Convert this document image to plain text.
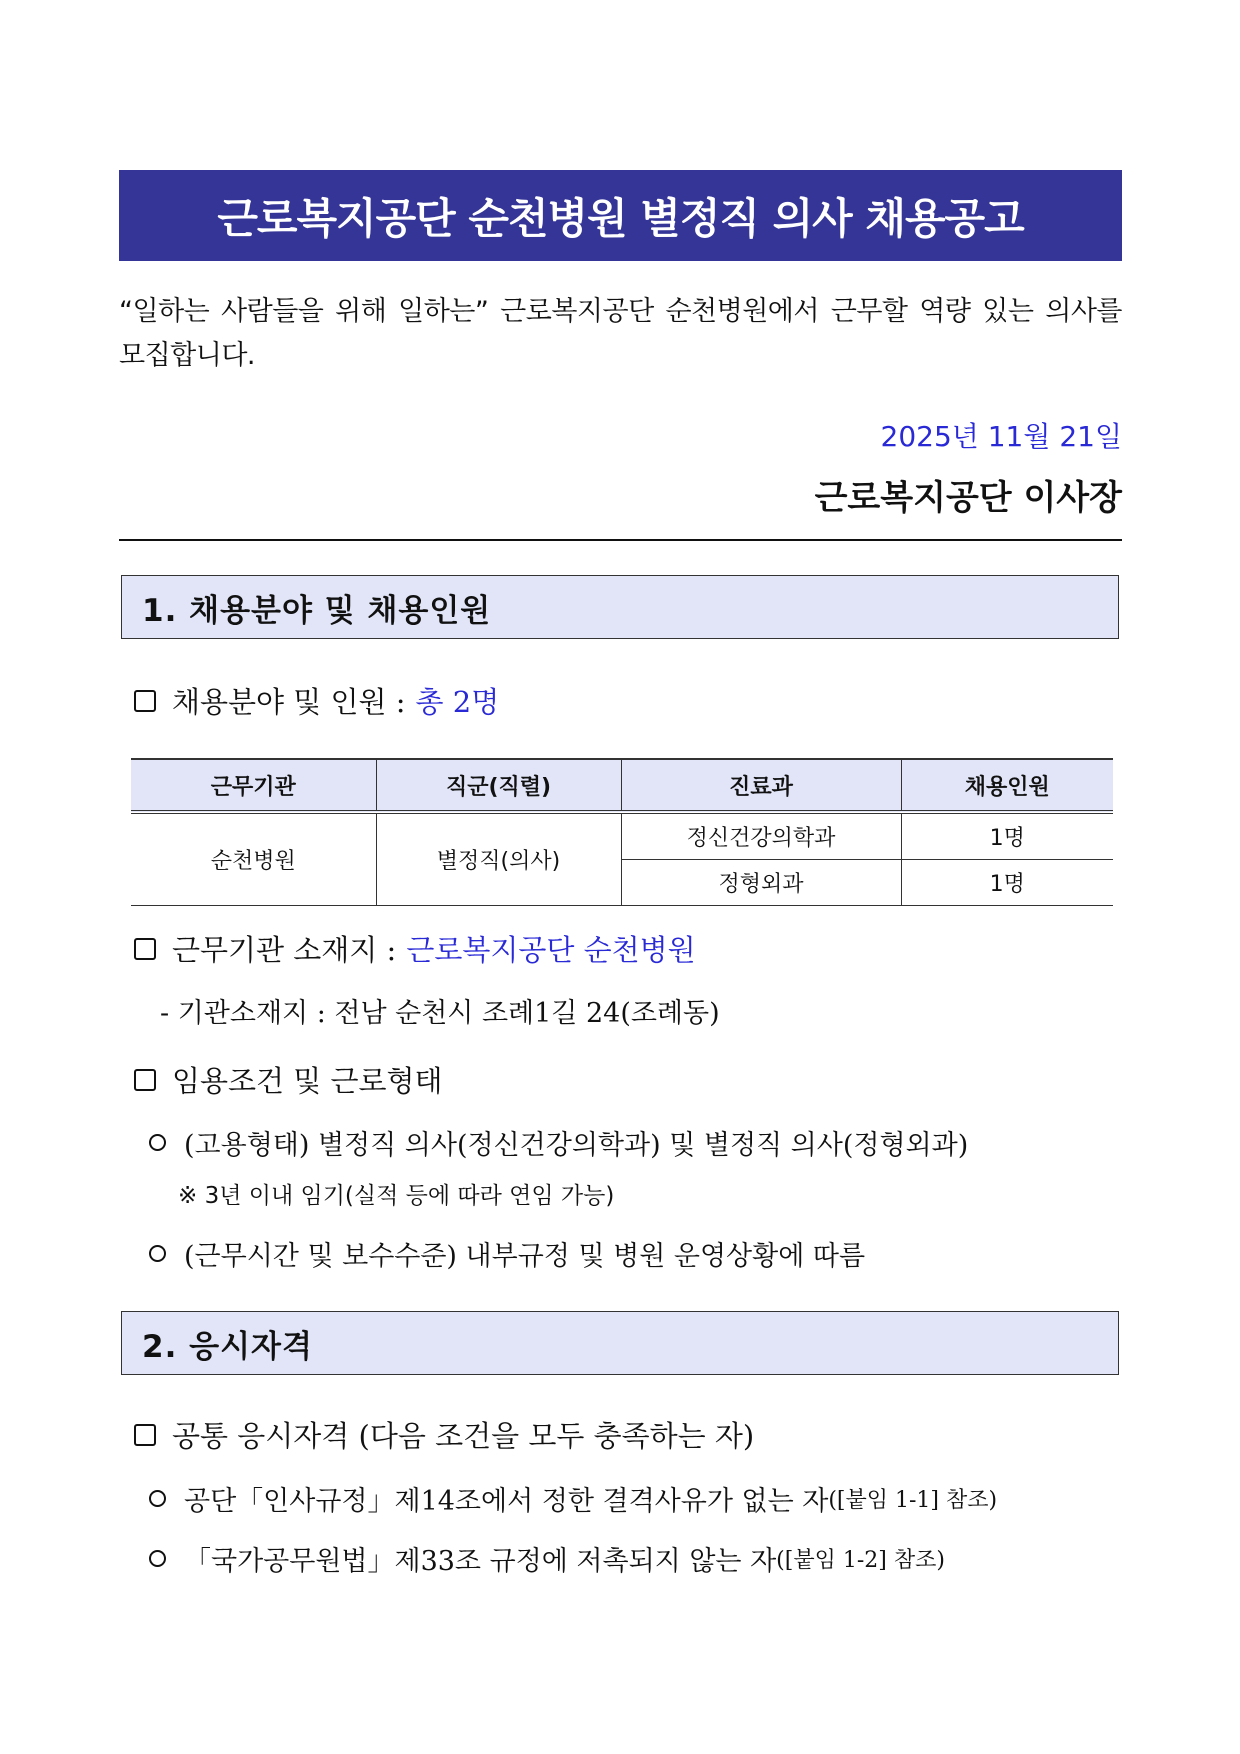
근로복지공단 순천병원 별정직 의사 채용공고
“일하는 사람들을 위해 일하는” 근로복지공단 순천병원에서 근무할 역량 있는 의사를 모집합니다.
2025년 11월 21일
근로복지공단 이사장
1. 채용분야 및 채용인원
채용분야 및 인원 : 총 2명
근무기관	직군(직렬)	진료과	채용인원
순천병원	별정직(의사)	정신건강의학과	1명
		정형외과	1명
근무기관 소재지 : 근로복지공단 순천병원
- 기관소재지 : 전남 순천시 조례1길 24(조례동)
임용조건 및 근로형태
(고용형태) 별정직 의사(정신건강의학과) 및 별정직 의사(정형외과)
※ 3년 이내 임기(실적 등에 따라 연임 가능)
(근무시간 및 보수수준) 내부규정 및 병원 운영상황에 따름
2. 응시자격
공통 응시자격 (다음 조건을 모두 충족하는 자)
공단「인사규정」제14조에서 정한 결격사유가 없는 자 ([붙임 1-1] 참조)
「국가공무원법」제33조 규정에 저촉되지 않는 자 ([붙임 1-2] 참조)
